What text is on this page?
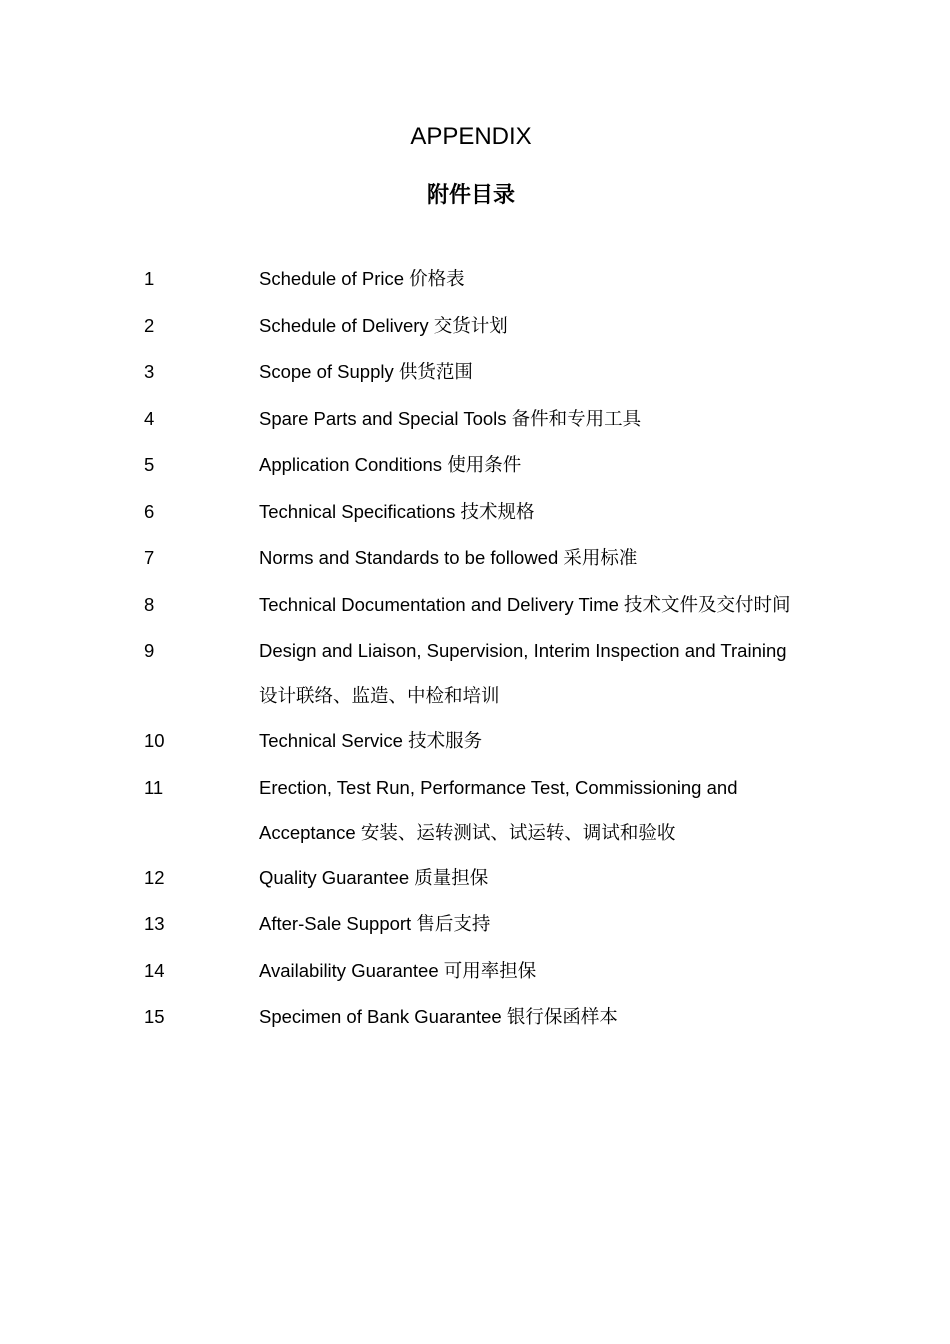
APPENDIX
附件目录
1	Schedule of Price 价格表
2	Schedule of Delivery 交货计划
3	Scope of Supply 供货范围
4	Spare Parts and Special Tools 备件和专用工具
5	Application Conditions 使用条件
6	Technical Specifications 技术规格
7	Norms and Standards to be followed 采用标准
8	Technical Documentation and Delivery Time 技术文件及交付时间
9	Design and Liaison, Supervision, Interim Inspection and Training 设计联络、监造、中检和培训
10	Technical Service 技术服务
11	Erection, Test Run, Performance Test, Commissioning and Acceptance 安装、运转测试、试运转、调试和验收
12	Quality Guarantee 质量担保
13	After-Sale Support 售后支持
14	Availability Guarantee 可用率担保
15	Specimen of Bank Guarantee 银行保函样本
